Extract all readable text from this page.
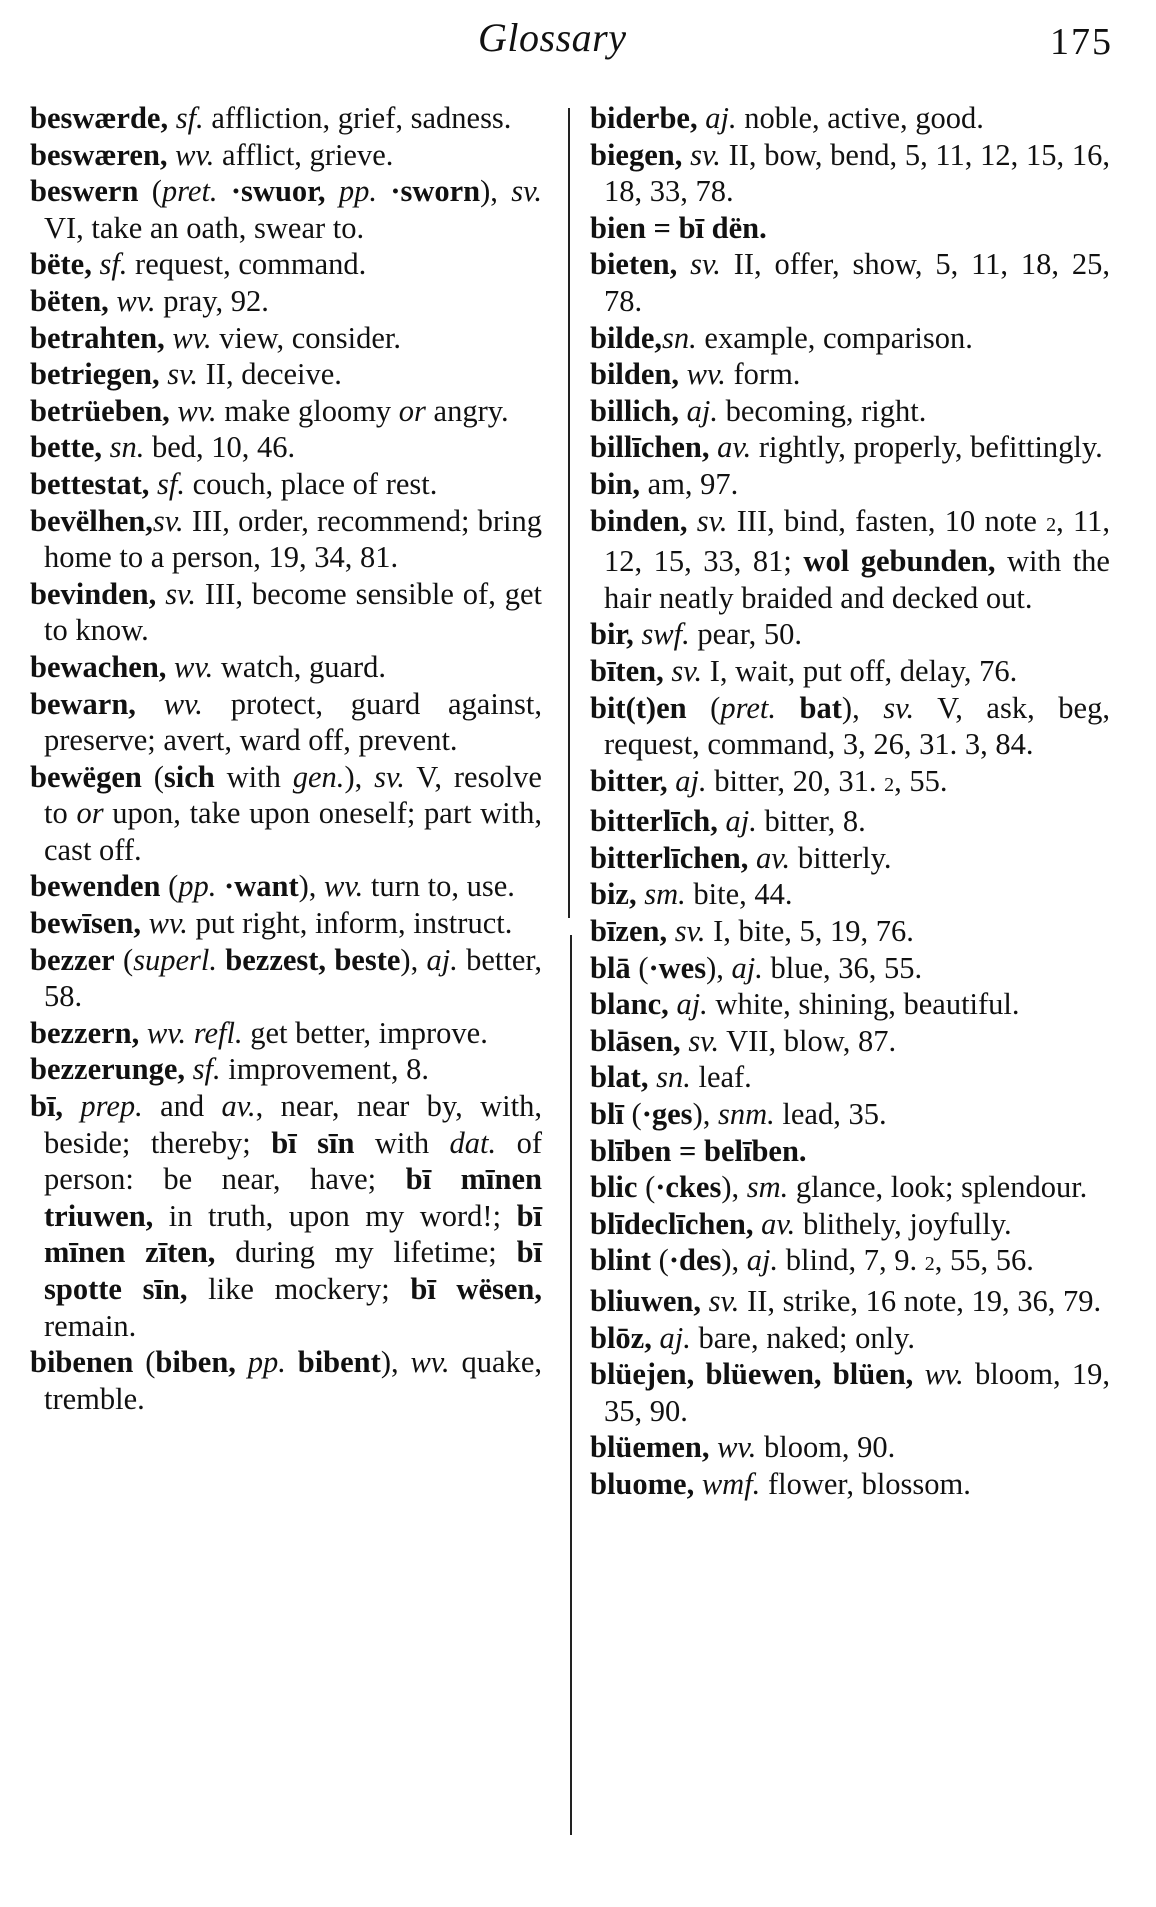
Glossary	175
beswærde, sf. affliction, grief, sadness.
beswæren, wv. afflict, grieve.
beswern (pret. ·swuor, pp. ·sworn), sv. VI, take an oath, swear to.
bëte, sf. request, command.
bëten, wv. pray, 92.
betrahten, wv. view, consider.
betriegen, sv. II, deceive.
betrüeben, wv. make gloomy or angry.
bette, sn. bed, 10, 46.
bettestat, sf. couch, place of rest.
bevëlhen,sv. III, order, recommend; bring home to a person, 19, 34, 81.
bevinden, sv. III, become sensible of, get to know.
bewachen, wv. watch, guard.
bewarn, wv. protect, guard against, preserve; avert, ward off, prevent.
bewëgen (sich with gen.), sv. V, resolve to or upon, take upon oneself; part with, cast off.
bewenden (pp. ·want), wv. turn to, use.
bewīsen, wv. put right, inform, instruct.
bezzer (superl. bezzest, beste), aj. better, 58.
bezzern, wv. refl. get better, improve.
bezzerunge, sf. improvement, 8.
bī, prep. and av., near, near by, with, beside; thereby; bī sīn with dat. of person: be near, have; bī mīnen triuwen, in truth, upon my word!; bī mīnen zīten, during my lifetime; bī spotte sīn, like mockery; bī wësen, remain.
bibenen (biben, pp. bibent), wv. quake, tremble.
biderbe, aj. noble, active, good.
biegen, sv. II, bow, bend, 5, 11, 12, 15, 16, 18, 33, 78.
bien = bī dën.
bieten, sv. II, offer, show, 5, 11, 18, 25, 78.
bilde,sn. example, comparison.
bilden, wv. form.
billich, aj. becoming, right.
billīchen, av. rightly, properly, befittingly.
bin, am, 97.
binden, sv. III, bind, fasten, 10 note 2, 11, 12, 15, 33, 81; wol gebunden, with the hair neatly braided and decked out.
bir, swf. pear, 50.
bīten, sv. I, wait, put off, delay, 76.
bit(t)en (pret. bat), sv. V, ask, beg, request, command, 3, 26, 31. 3, 84.
bitter, aj. bitter, 20, 31. 2, 55.
bitterlīch, aj. bitter, 8.
bitterlīchen, av. bitterly.
biz, sm. bite, 44.
bīzen, sv. I, bite, 5, 19, 76.
blā (·wes), aj. blue, 36, 55.
blanc, aj. white, shining, beautiful.
blāsen, sv. VII, blow, 87.
blat, sn. leaf.
blī (·ges), snm. lead, 35.
blīben = belīben.
blic (·ckes), sm. glance, look; splendour.
blīdeclīchen, av. blithely, joyfully.
blint (·des), aj. blind, 7, 9. 2, 55, 56.
bliuwen, sv. II, strike, 16 note, 19, 36, 79.
blōz, aj. bare, naked; only.
blüejen, blüewen, blüen, wv. bloom, 19, 35, 90.
blüemen, wv. bloom, 90.
bluome, wmf. flower, blossom.
